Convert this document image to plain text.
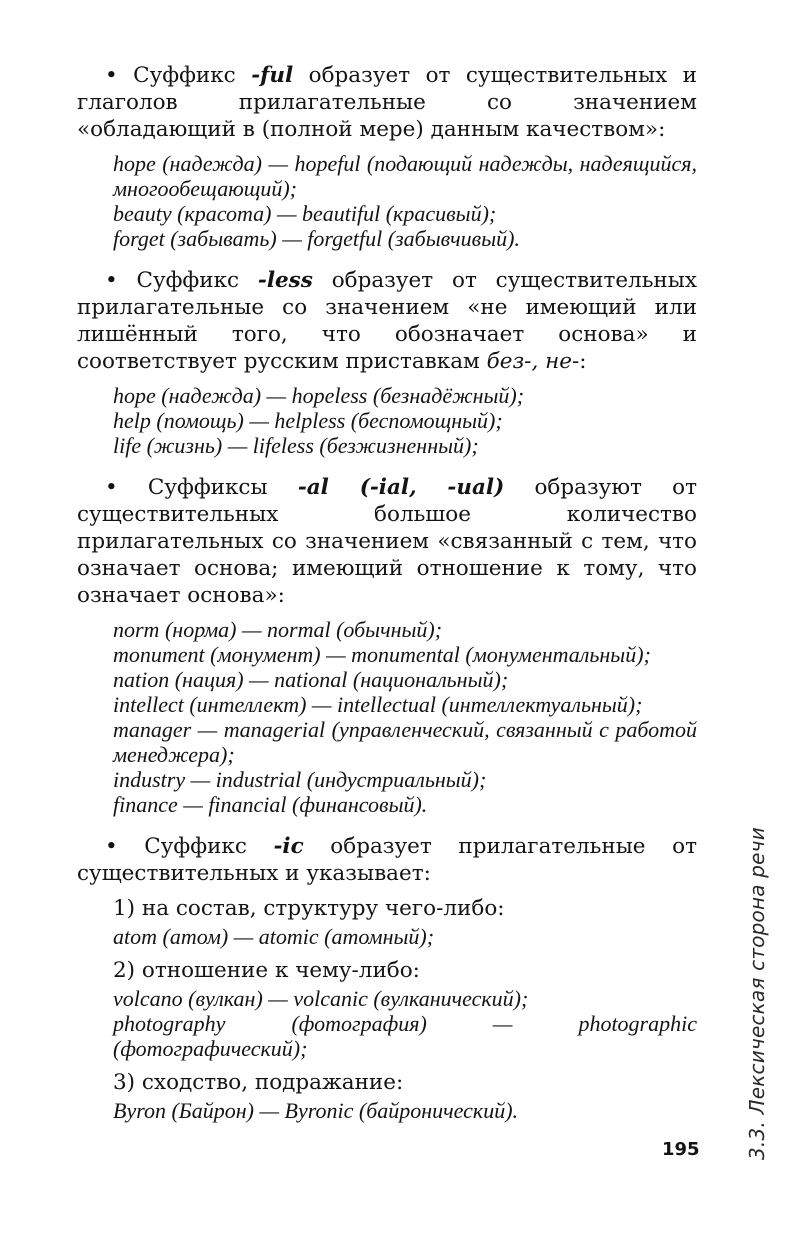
• Суффикс -ful образует от существительных и глаголов прилагательные со значением «обладающий в (полной мере) данным качеством»:

hope (надежда) — hopeful (подающий надежды, надеящийся, многообещающий);

beauty (красота) — beautiful (красивый);

forget (забывать) — forgetful (забывчивый).

• Суффикс -less образует от существительных прилагательные со значением «не имеющий или лишённый того, что обозначает основа» и соответствует русским приставкам без-, не-:

hope (надежда) — hopeless (безнадёжный);

help (помощь) — helpless (беспомощный);

life (жизнь) — lifeless (безжизненный);

• Суффиксы -al (-ial, -ual) образуют от существительных большое количество прилагательных со значением «связанный с тем, что означает основа; имеющий отношение к тому, что означает основа»:

norm (норма) — normal (обычный);

monument (монумент) — monumental (монументальный);

nation (нация) — national (национальный);

intellect (интеллект) — intellectual (интеллектуальный);

manager — managerial (управленческий, связанный с работой менеджера);

industry — industrial (индустриальный);

finance — financial (финансовый).

• Суффикс -ic образует прилагательные от существительных и указывает:

1) на состав, структуру чего-либо:

atom (атом) — atomic (атомный);

2) отношение к чему-либо:

volcano (вулкан) — volcanic (вулканический);

photography (фотография) — photographic (фотографический);

3) сходство, подражание:

Byron (Байрон) — Byronic (байронический).	3.3. Лексическая сторона речи
195
